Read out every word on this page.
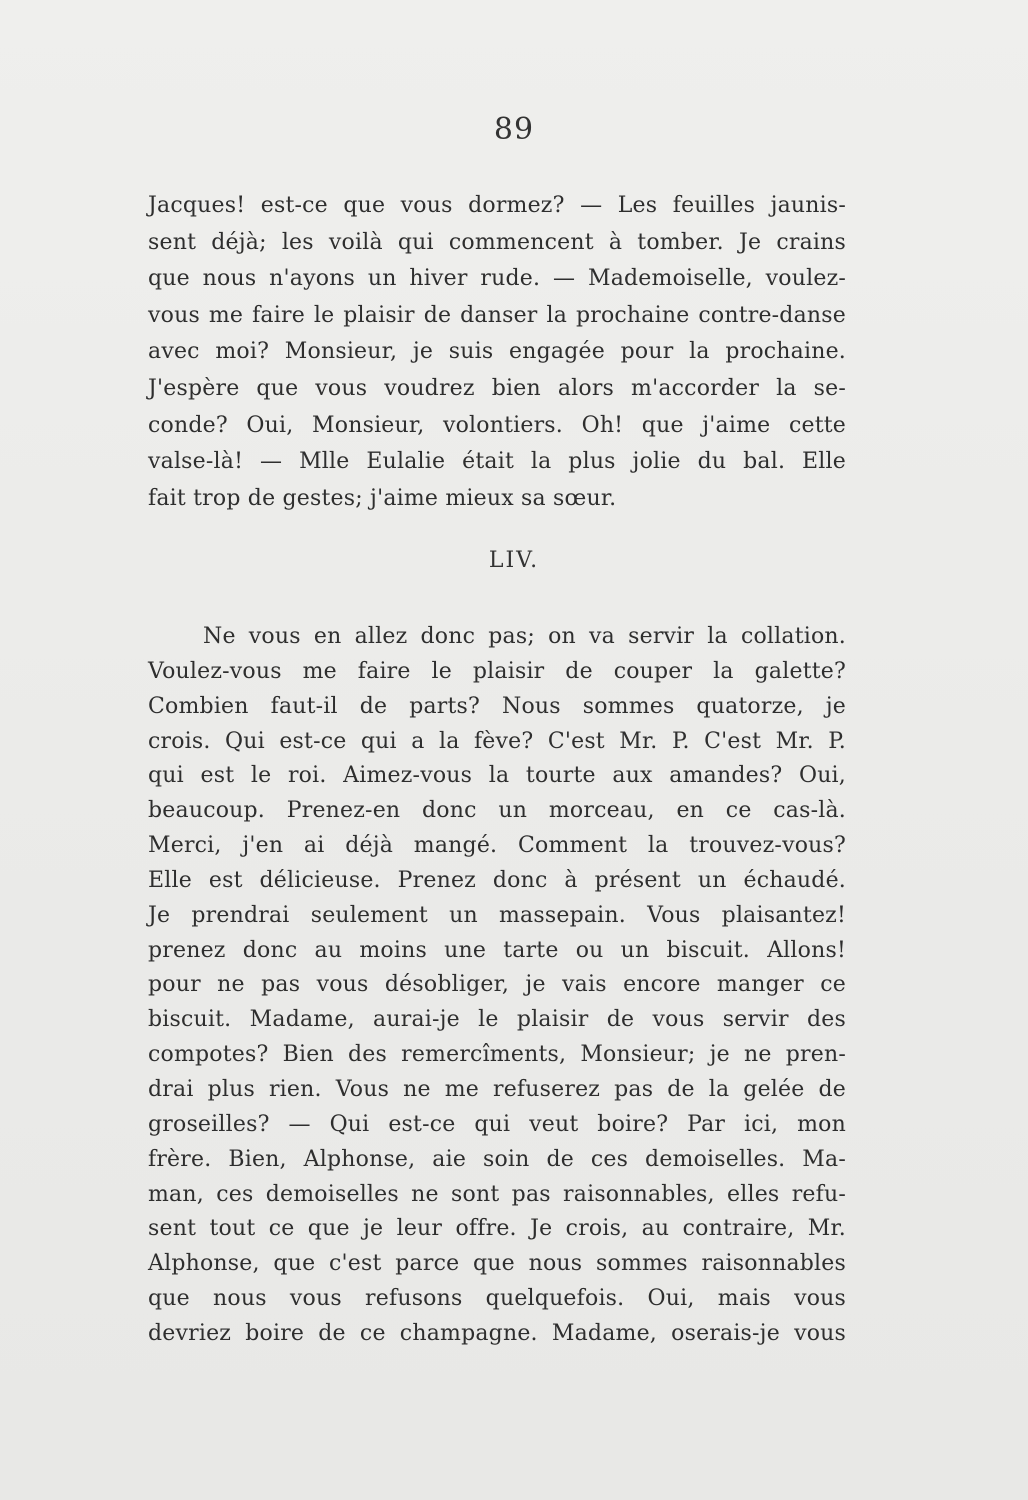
89
Jacques! est-ce que vous dormez? — Les feuilles jaunis-
sent déjà; les voilà qui commencent à tomber. Je crains
que nous n'ayons un hiver rude. — Mademoiselle, voulez-
vous me faire le plaisir de danser la prochaine contre-danse
avec moi? Monsieur, je suis engagée pour la prochaine.
J'espère que vous voudrez bien alors m'accorder la se-
conde? Oui, Monsieur, volontiers. Oh! que j'aime cette
valse-là! — Mlle Eulalie était la plus jolie du bal. Elle
fait trop de gestes; j'aime mieux sa sœur.
LIV.
Ne vous en allez donc pas; on va servir la collation.
Voulez-vous me faire le plaisir de couper la galette?
Combien faut-il de parts? Nous sommes quatorze, je
crois. Qui est-ce qui a la fève? C'est Mr. P. C'est Mr. P.
qui est le roi. Aimez-vous la tourte aux amandes? Oui,
beaucoup. Prenez-en donc un morceau, en ce cas-là.
Merci, j'en ai déjà mangé. Comment la trouvez-vous?
Elle est délicieuse. Prenez donc à présent un échaudé.
Je prendrai seulement un massepain. Vous plaisantez!
prenez donc au moins une tarte ou un biscuit. Allons!
pour ne pas vous désobliger, je vais encore manger ce
biscuit. Madame, aurai-je le plaisir de vous servir des
compotes? Bien des remercîments, Monsieur; je ne pren-
drai plus rien. Vous ne me refuserez pas de la gelée de
groseilles? — Qui est-ce qui veut boire? Par ici, mon
frère. Bien, Alphonse, aie soin de ces demoiselles. Ma-
man, ces demoiselles ne sont pas raisonnables, elles refu-
sent tout ce que je leur offre. Je crois, au contraire, Mr.
Alphonse, que c'est parce que nous sommes raisonnables
que nous vous refusons quelquefois. Oui, mais vous
devriez boire de ce champagne. Madame, oserais-je vous
